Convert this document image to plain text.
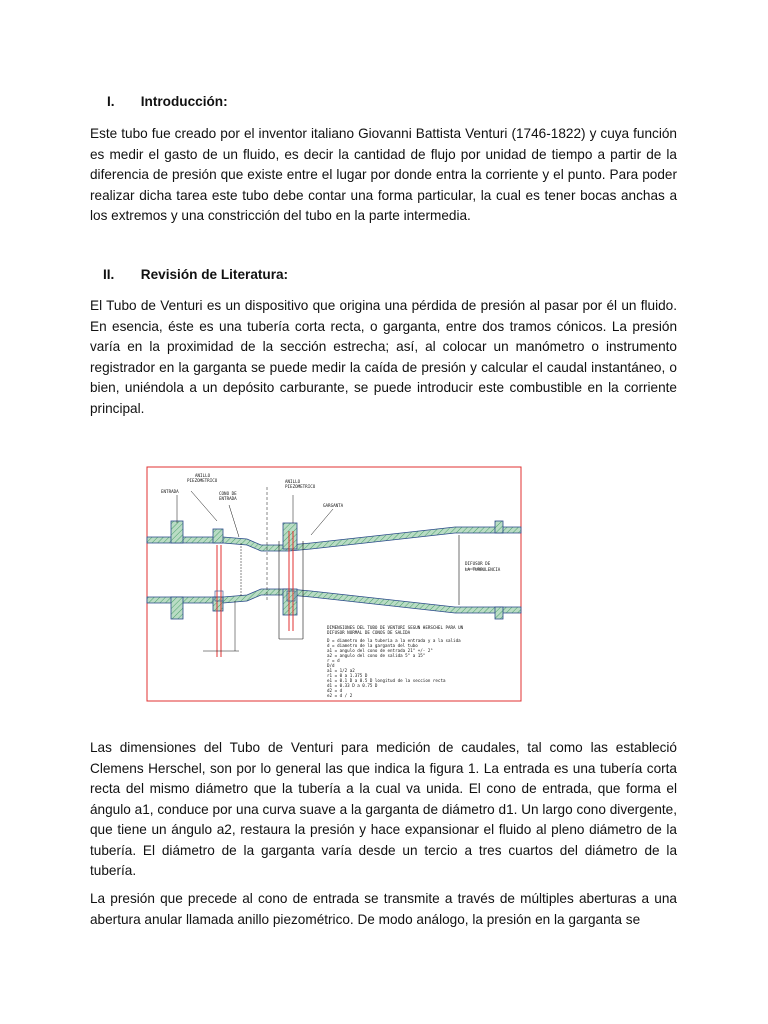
I. Introducción:
Este tubo fue creado por el inventor italiano Giovanni Battista Venturi (1746-1822) y cuya función es medir el gasto de un fluido, es decir la cantidad de flujo por unidad de tiempo a partir de la diferencia de presión que existe entre el lugar por donde entra la corriente y el punto. Para poder realizar dicha tarea este tubo debe contar una forma particular, la cual es tener bocas anchas a los extremos y una constricción del tubo en la parte intermedia.
II. Revisión de Literatura:
El Tubo de Venturi es un dispositivo que origina una pérdida de presión al pasar por él un fluido. En esencia, éste es una tubería corta recta, o garganta, entre dos tramos cónicos. La presión varía en la proximidad de la sección estrecha; así, al colocar un manómetro o instrumento registrador en la garganta se puede medir la caída de presión y calcular el caudal instantáneo, o bien, uniéndola a un depósito carburante, se puede introducir este combustible en la corriente principal.
ANILLO
PIEZOMETRICO
ENTRADA	CONO DE
ENTRADA
ANILLO
PIEZOMETRICO
GARGANTA
DIFUSOR DE
LA TURBULENCIA
DIMENSIONES DEL TUBO DE VENTURI SEGUN HERSCHEL PARA UN
DIFUSOR NORMAL DE CONOS DE SALIDA
D = diametro de la tuberia a la entrada y a la salida
d = diametro de la garganta del tubo
a1 = angulo del cono de entrada 21° +/- 2°
a2 = angulo del cono de salida 5° a 15°
r = d
D/d
a1 = 1/2 a2
r1 = 0 a 1.375 D
e1 = 0.1 D a 0.5 D longitud de la seccion recta
d1 = 0.33 D a 0.75 D
d2 = d
e2 = d / 2
Las dimensiones del Tubo de Venturi para medición de caudales, tal como las estableció Clemens Herschel, son por lo general las que indica la figura 1. La entrada es una tubería corta recta del mismo diámetro que la tubería a la cual va unida. El cono de entrada, que forma el ángulo a1, conduce por una curva suave a la garganta de diámetro d1. Un largo cono divergente, que tiene un ángulo a2, restaura la presión y hace expansionar el fluido al pleno diámetro de la tubería. El diámetro de la garganta varía desde un tercio a tres cuartos del diámetro de la tubería.
La presión que precede al cono de entrada se transmite a través de múltiples aberturas a una abertura anular llamada anillo piezométrico. De modo análogo, la presión en la garganta se
